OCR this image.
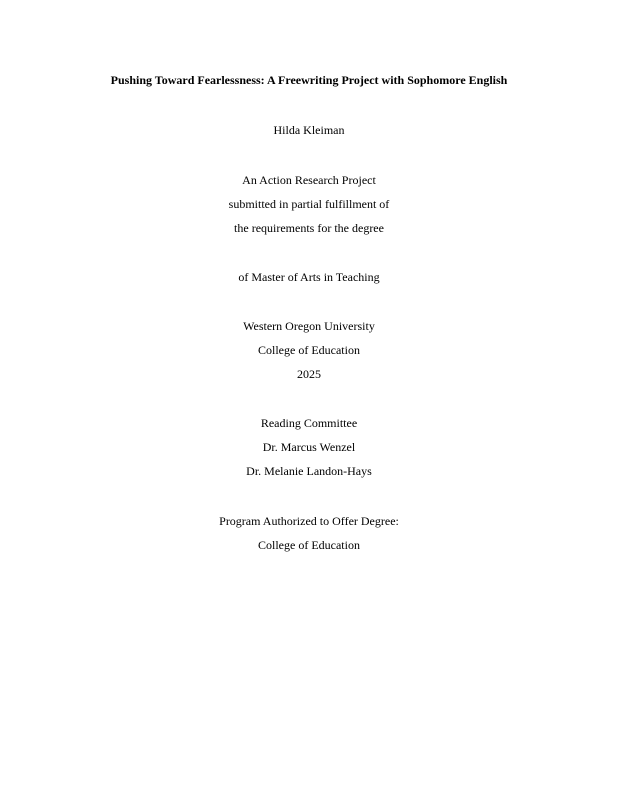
Pushing Toward Fearlessness: A Freewriting Project with Sophomore English
Hilda Kleiman
An Action Research Project
submitted in partial fulfillment of
the requirements for the degree
of Master of Arts in Teaching
Western Oregon University
College of Education
2025
Reading Committee
Dr. Marcus Wenzel
Dr. Melanie Landon-Hays
Program Authorized to Offer Degree:
College of Education
